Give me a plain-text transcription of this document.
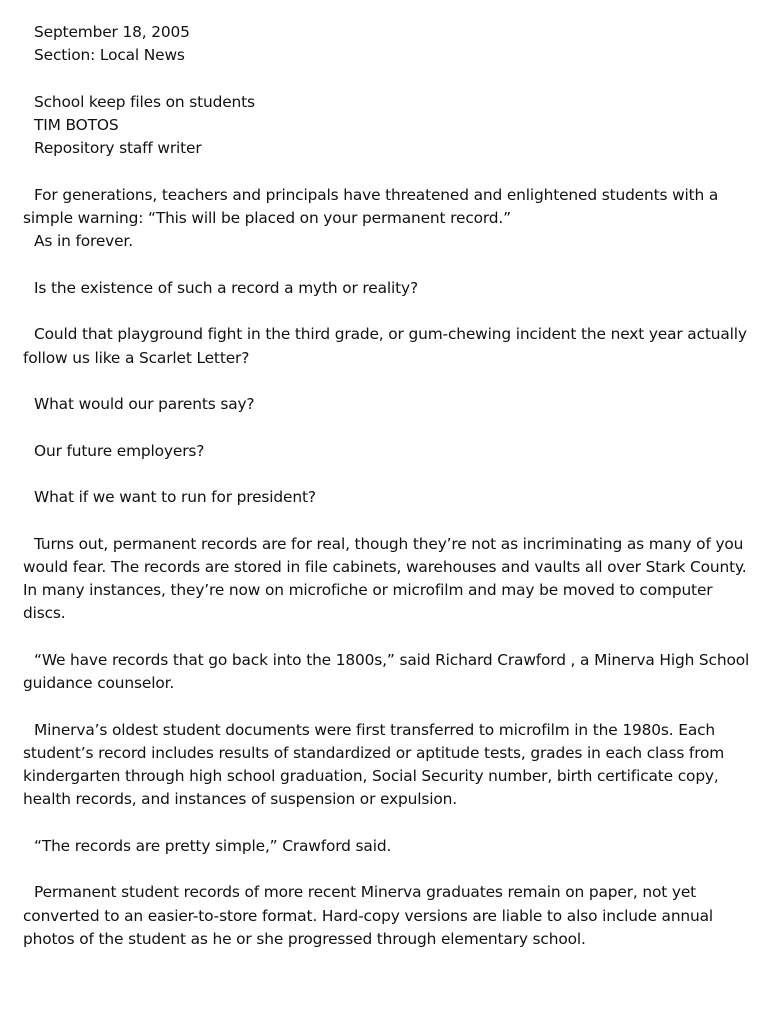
September 18, 2005
Section: Local News
School keep files on students
TIM BOTOS
Repository staff writer

For generations, teachers and principals have threatened and enlightened students with a simple warning: “This will be placed on your permanent record.”

As in forever.

Is the existence of such a record a myth or reality?

Could that playground fight in the third grade, or gum-chewing incident the next year actually follow us like a Scarlet Letter?

What would our parents say?

Our future employers?

What if we want to run for president?

Turns out, permanent records are for real, though they’re not as incriminating as many of you would fear. The records are stored in file cabinets, warehouses and vaults all over Stark County. In many instances, they’re now on microfiche or microfilm and may be moved to computer discs.

“We have records that go back into the 1800s,” said Richard Crawford , a Minerva High School guidance counselor.

Minerva’s oldest student documents were first transferred to microfilm in the 1980s. Each student’s record includes results of standardized or aptitude tests, grades in each class from kindergarten through high school graduation, Social Security number, birth certificate copy, health records, and instances of suspension or expulsion.

“The records are pretty simple,” Crawford said.

Permanent student records of more recent Minerva graduates remain on paper, not yet converted to an easier-to-store format. Hard-copy versions are liable to also include annual photos of the student as he or she progressed through elementary school.
